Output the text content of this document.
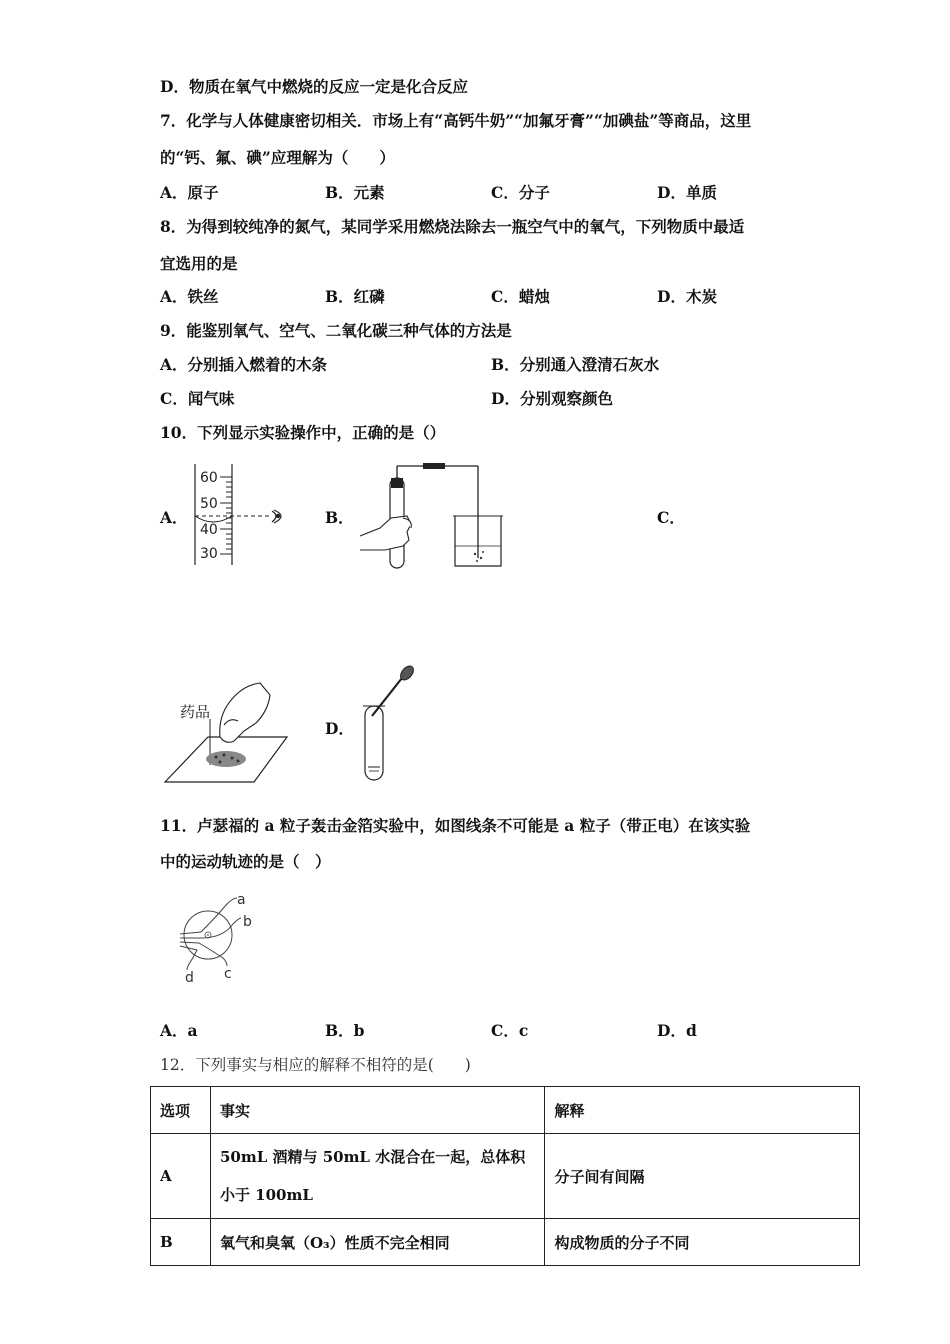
D．物质在氧气中燃烧的反应一定是化合反应
7．化学与人体健康密切相关．市场上有“高钙牛奶”“加氟牙膏”“加碘盐”等商品，这里
的“钙、氟、碘”应理解为（　　）
A．原子	B．元素	C．分子	D．单质
8．为得到较纯净的氮气，某同学采用燃烧法除去一瓶空气中的氧气，下列物质中最适
宜选用的是
A．铁丝	B．红磷	C．蜡烛	D．木炭
9．能鉴别氧气、空气、二氧化碳三种气体的方法是
A．分别插入燃着的木条	B．分别通入澄清石灰水
C．闻气味	D．分别观察颜色
10．下列显示实验操作中，正确的是（）
A．	B．	C．
D．
60
50
40
30
药品
11．卢瑟福的 a 粒子轰击金箔实验中，如图线条不可能是 a 粒子（带正电）在该实验
中的运动轨迹的是（　）
a
b
d c
A．a	B．b	C．c	D．d
12．下列事实与相应的解释不相符的是(　　)
选项	事实	解释
A	50mL 酒精与 50mL 水混合在一起，总体积
小于 100mL	分子间有间隔
B	氧气和臭氧（O₃）性质不完全相同	构成物质的分子不同
